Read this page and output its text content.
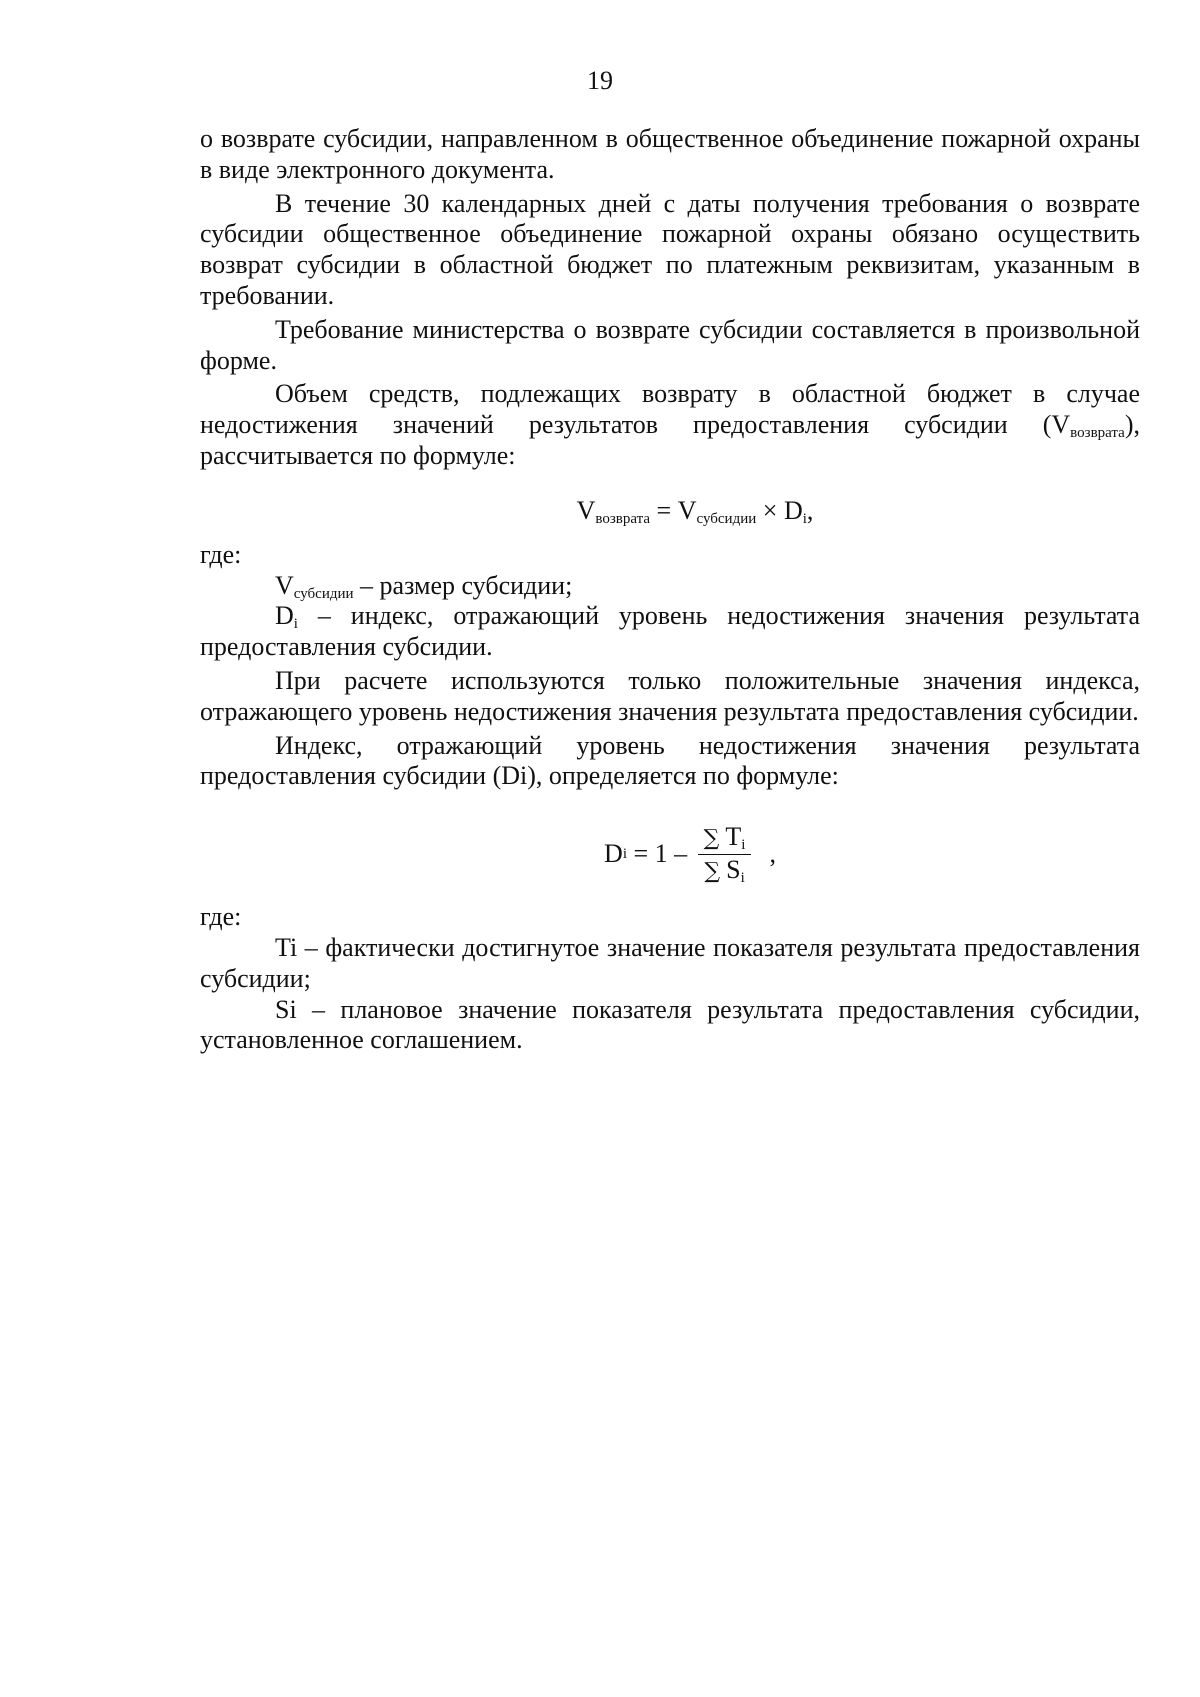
19

о возврате субсидии, направленном в общественное объединение пожарной охраны в виде электронного документа.

В течение 30 календарных дней с даты получения требования о возврате субсидии общественное объединение пожарной охраны обязано осуществить возврат субсидии в областной бюджет по платежным реквизитам, указанным в требовании.

Требование министерства о возврате субсидии составляется в произвольной форме.

Объем средств, подлежащих возврату в областной бюджет в случае недостижения значений результатов предоставления субсидии $(V_{возврата})$, рассчитывается по формуле:

$V_{возврата} = V_{субсидии} \times D_i$,

где:

$V_{субсидии}$ – размер субсидии;

$D_i$ – индекс, отражающий уровень недостижения значения результата предоставления субсидии.

При расчете используются только положительные значения индекса, отражающего уровень недостижения значения результата предоставления субсидии.

Индекс, отражающий уровень недостижения значения результата предоставления субсидии (Di), определяется по формуле:

D $i = 1 - \frac{\sum T_i}{\sum S_i}$ ,

где:

Ti – фактически достигнутое значение показателя результата предоставления субсидии;

Si – плановое значение показателя результата предоставления субсидии, установленное соглашением.
